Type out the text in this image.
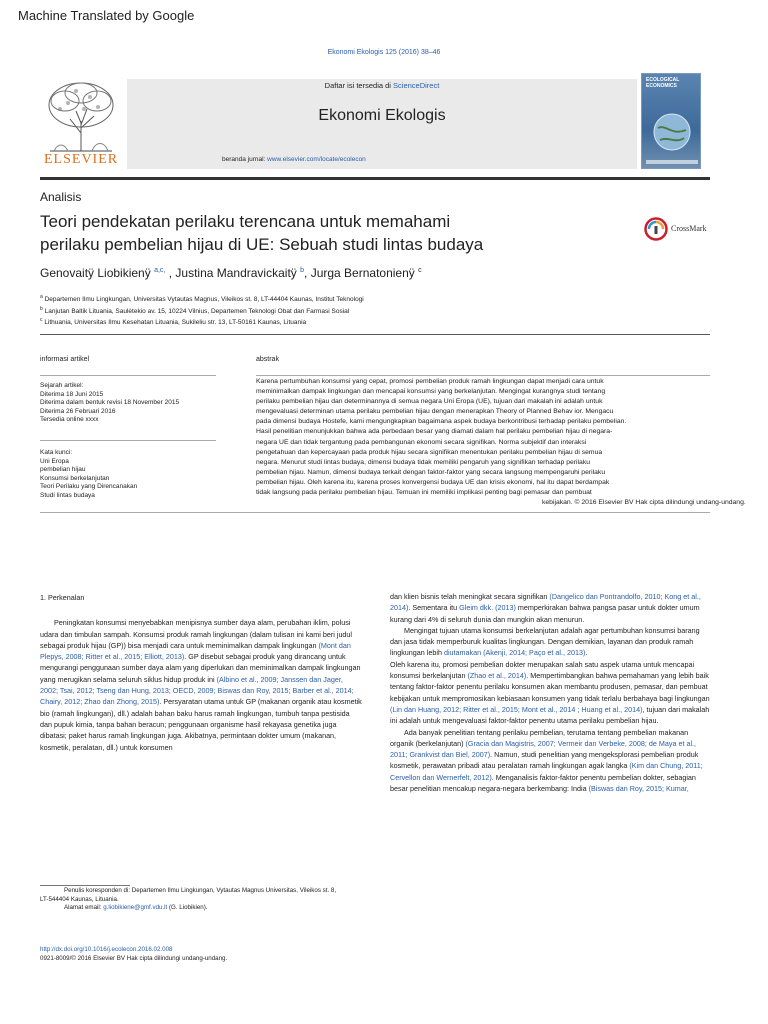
Machine Translated by Google
Ekonomi Ekologis 125 (2016) 38–46
ELSEVIER
Daftar isi tersedia di ScienceDirect
Ekonomi Ekologis
beranda jurnal: www.elsevier.com/locate/ecolecon
ECOLOGICAL ECONOMICS
Analisis
Teori pendekatan perilaku terencana untuk memahami
perilaku pembelian hijau di UE: Sebuah studi lintas budaya
CrossMark
Genovaitÿ Liobikienÿ $^{a,c,}$ , Justina Mandravickaitÿ $^b$, Jurga Bernatonienÿ $^c$
$^a$ Departemen Ilmu Lingkungan, Universitas Vytautas Magnus, Vileikos st. 8, LT-44404 Kaunas, Institut Teknologi
$^b$ Lanjutan Baltik Lituania, Saulėtekio av. 15, 10224 Vilnius, Departemen Teknologi Obat dan Farmasi Sosial
$^c$ Lithuania, Universitas Ilmu Kesehatan Lituania, Sukileliu str. 13, LT-50161 Kaunas, Lituania
informasi artikel
Sejarah artikel:
Diterima 18 Juni 2015
Diterima dalam bentuk revisi 18 November 2015
Diterima 26 Februari 2016
Tersedia online xxxx
Kata kunci:
Uni Eropa
pembelian hijau
Konsumsi berkelanjutan
Teori Perilaku yang Direncanakan
Studi lintas budaya
abstrak
Karena pertumbuhan konsumsi yang cepat, promosi pembelian produk ramah lingkungan dapat menjadi cara untuk
meminimalkan dampak lingkungan dan mencapai konsumsi yang berkelanjutan. Mengingat kurangnya studi tentang
perilaku pembelian hijau dan determinannya di semua negara Uni Eropa (UE), tujuan dari makalah ini adalah untuk
mengevaluasi determinan utama perilaku pembelian hijau dengan menerapkan Theory of Planned Behav ior. Mengacu
pada dimensi budaya Hostefe, kami mengungkapkan bagaimana aspek budaya berkontribusi terhadap perilaku pembelian.
Hasil penelitian menunjukkan bahwa ada perbedaan besar yang diamati dalam hal perilaku pembelian hijau di negara-
negara UE dan tidak tergantung pada pembangunan ekonomi secara signifikan. Norma subjektif dan interaksi
pengetahuan dan kepercayaan pada produk hijau secara signifikan menentukan perilaku pembelian hijau di semua
negara. Menurut studi lintas budaya, dimensi budaya tidak memiliki pengaruh yang signifikan terhadap perilaku
pembelian hijau. Namun, dimensi budaya terkait dengan faktor-faktor yang secara langsung mempengaruhi perilaku
pembelian hijau. Oleh karena itu, karena proses konvergensi budaya UE dan krisis ekonomi, hal itu dapat berdampak
tidak langsung pada perilaku pembelian hijau. Temuan ini memiliki implikasi penting bagi pemasar dan pembuat
kebijakan. © 2016 Elsevier BV Hak cipta dilindungi undang-undang.
1. Perkenalan

Peningkatan konsumsi menyebabkan menipisnya sumber daya alam, perubahan iklim, polusi udara dan timbulan sampah. Konsumsi produk ramah lingkungan (dalam tulisan ini kami beri judul sebagai produk hijau (GP)) bisa menjadi cara untuk meminimalkan dampak lingkungan (Mont dan Plepys, 2008; Ritter et al., 2015; Elliott, 2013). GP disebut sebagai produk yang dirancang untuk mengurangi penggunaan sumber daya alam yang diperlukan dan meminimalkan dampak lingkungan yang merugikan selama seluruh siklus hidup produk ini (Albino et al., 2009; Janssen dan Jager, 2002; Tsai, 2012; Tseng dan Hung, 2013; OECD, 2009; Biswas dan Roy, 2015; Barber et al., 2014; Chairy, 2012; Zhao dan Zhong, 2015). Persyaratan utama untuk GP (makanan organik atau kosmetik bio (ramah lingkungan), dll.) adalah bahan baku harus ramah lingkungan, tumbuh tanpa pestisida dan pupuk kimia, tanpa bahan beracun; penggunaan organisme hasil rekayasa genetika juga dibatasi; paket harus ramah lingkungan juga. Akibatnya, permintaan dokter umum (makanan, kosmetik, peralatan, dll.) untuk konsumen

dan klien bisnis telah meningkat secara signifikan (Dangelico dan Pontrandolfo, 2010; Kong et al., 2014). Sementara itu Gleim dkk. (2013) memperkirakan bahwa pangsa pasar untuk dokter umum kurang dari 4% di seluruh dunia dan mungkin akan menurun.

Mengingat tujuan utama konsumsi berkelanjutan adalah agar pertumbuhan konsumsi barang dan jasa tidak memperburuk kualitas lingkungan. Dengan demikian, layanan dan produk ramah lingkungan lebih diutamakan (Akenji, 2014; Paço et al., 2013).

Oleh karena itu, promosi pembelian dokter merupakan salah satu aspek utama untuk mencapai konsumsi berkelanjutan (Zhao et al., 2014). Mempertimbangkan bahwa pemahaman yang lebih baik tentang faktor-faktor penentu perilaku konsumen akan membantu produsen, pemasar, dan pembuat kebijakan untuk mempromosikan kebiasaan konsumen yang tidak terlalu berbahaya bagi lingkungan (Lin dan Huang, 2012; Ritter et al., 2015; Mont et al., 2014 ; Huang et al., 2014), tujuan dari makalah ini adalah untuk mengevaluasi faktor-faktor penentu utama perilaku pembelian hijau.

Ada banyak penelitian tentang perilaku pembelian, terutama tentang pembelian makanan organik (berkelanjutan) (Gracia dan Magistris, 2007; Vermeir dan Verbeke, 2008; de Maya et al., 2011; Grankvist dan Biel, 2007). Namun, studi penelitian yang mengeksplorasi pembelian produk kosmetik, perawatan pribadi atau peralatan ramah lingkungan agak langka (Kim dan Chung, 2011; Cervellon dan Wernerfelt, 2012). Menganalisis faktor-faktor penentu pembelian dokter, sebagian besar penelitian mencakup negara-negara berkembang: India (Biswas dan Roy, 2015; Kumar,

Penulis koresponden di: Departemen Ilmu Lingkungan, Vytautas Magnus Universitas, Vileikos st. 8, LT-544404 Kaunas, Lituania.
Alamat email: g.liobikiene@gmf.vdu.lt (G. Liobikien).
http://dx.doi.org/10.1016/j.ecolecon.2016.02.008
0921-8009/© 2016 Elsevier BV Hak cipta dilindungi undang-undang.
